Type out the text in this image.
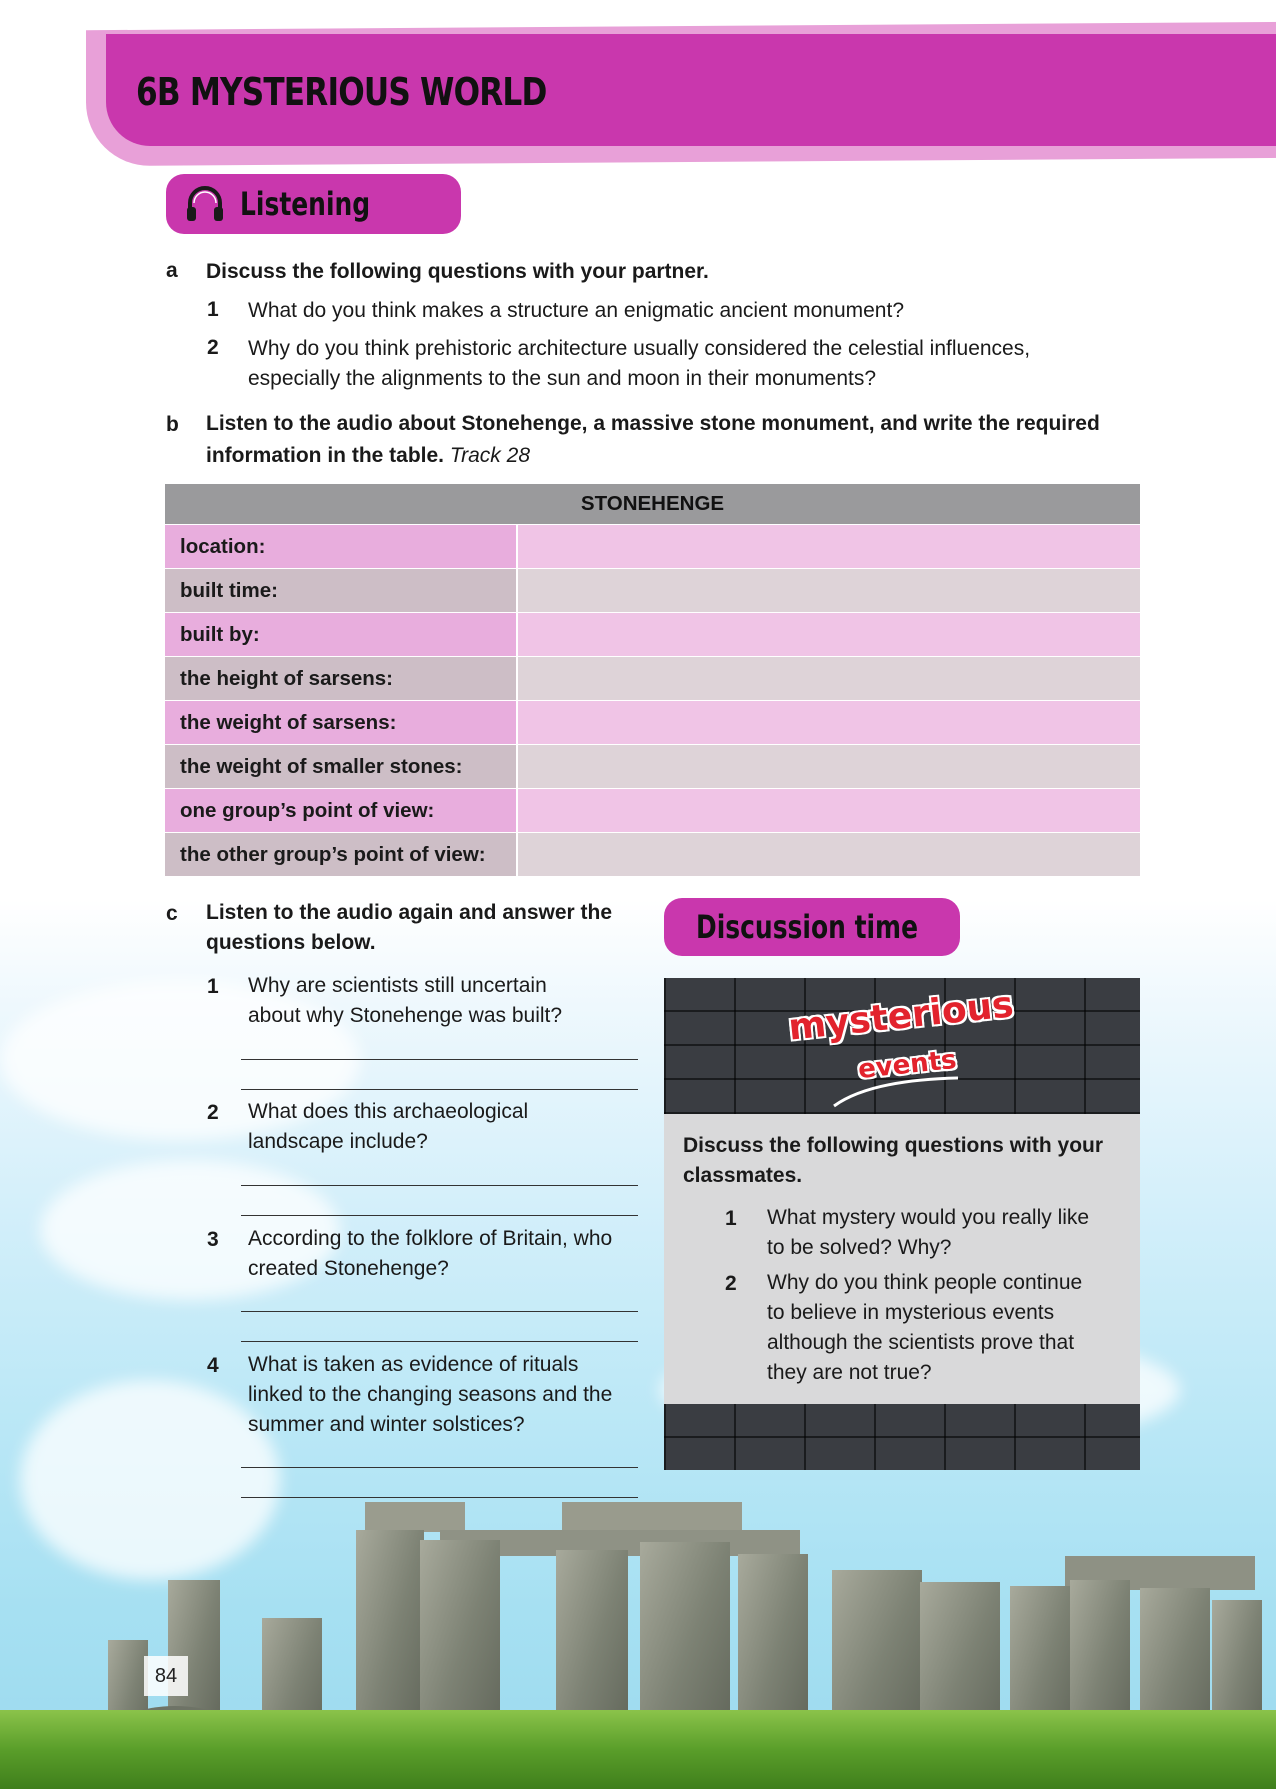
6B MYSTERIOUS WORLD
Listening
a Discuss the following questions with your partner.
1 What do you think makes a structure an enigmatic ancient monument?
2 Why do you think prehistoric architecture usually considered the celestial influences,
especially the alignments to the sun and moon in their monuments?
b Listen to the audio about Stonehenge, a massive stone monument, and write the required
information in the table. Track 28
STONEHENGE	
location:	
built time:	
built by:	
the height of sarsens:	
the weight of sarsens:	
the weight of smaller stones:	
one group’s point of view:	
the other group’s point of view:	
c Listen to the audio again and answer the
questions below.
1 Why are scientists still uncertain
about why Stonehenge was built?
2 What does this archaeological
landscape include?
3 According to the folklore of Britain, who
created Stonehenge?
4 What is taken as evidence of rituals
linked to the changing seasons and the
summer and winter solstices?
Discussion time
mysterious
events
Discuss the following questions with your
classmates.
1 What mystery would you really like
to be solved? Why?
2 Why do you think people continue
to believe in mysterious events
although the scientists prove that
they are not true?
84
